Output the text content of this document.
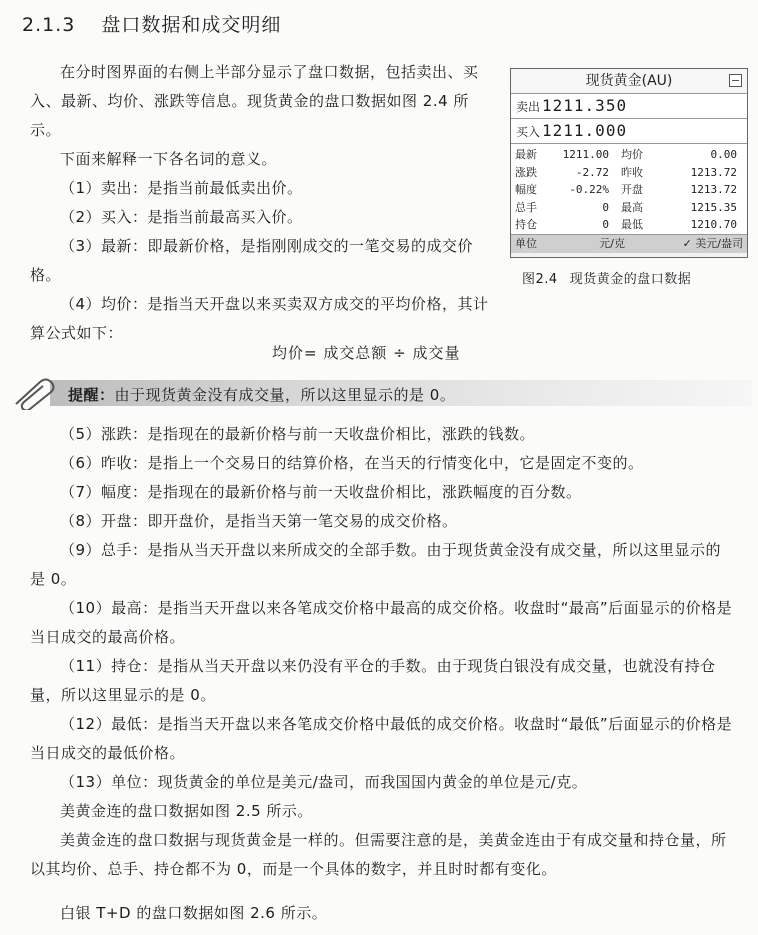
2.1.3 盘口数据和成交明细

在分时图界面的右侧上半部分显示了盘口数据，包括卖出、买入、最新、均价、涨跌等信息。现货黄金的盘口数据如图 2.4 所示。

下面来解释一下各名词的意义。

（1）卖出：是指当前最低卖出价。

（2）买入：是指当前最高买入价。

（3）最新：即最新价格，是指刚刚成交的一笔交易的成交价格。

（4）均价：是指当天开盘以来买卖双方成交的平均价格，其计算公式如下：

均价= 成交总额 ÷ 成交量
提醒：由于现货黄金没有成交量，所以这里显示的是 0。

（5）涨跌：是指现在的最新价格与前一天收盘价相比，涨跌的钱数。

（6）昨收：是指上一个交易日的结算价格，在当天的行情变化中，它是固定不变的。

（7）幅度：是指现在的最新价格与前一天收盘价相比，涨跌幅度的百分数。

（8）开盘：即开盘价，是指当天第一笔交易的成交价格。

（9）总手：是指从当天开盘以来所成交的全部手数。由于现货黄金没有成交量，所以这里显示的是 0。

（10）最高：是指当天开盘以来各笔成交价格中最高的成交价格。收盘时“最高”后面显示的价格是当日成交的最高价格。

（11）持仓：是指从当天开盘以来仍没有平仓的手数。由于现货白银没有成交量，也就没有持仓量，所以这里显示的是 0。

（12）最低：是指当天开盘以来各笔成交价格中最低的成交价格。收盘时“最低”后面显示的价格是当日成交的最低价格。

（13）单位：现货黄金的单位是美元/盎司，而我国国内黄金的单位是元/克。

美黄金连的盘口数据如图 2.5 所示。

美黄金连的盘口数据与现货黄金是一样的。但需要注意的是，美黄金连由于有成交量和持仓量，所以其均价、总手、持仓都不为 0，而是一个具体的数字，并且时时都有变化。

白银 T+D 的盘口数据如图 2.6 所示。

现货黄金(AU)
卖出 1211.350
买入 1211.000
最新	1211.00 均价	0.00
涨跌	-2.72 昨收	1213.72
幅度	-0.22% 开盘	1213.72
总手	0 最高	1215.35
持仓	0 最低	1210.70
单位	元/克	✓ 美元/盎司
图2.4 现货黄金的盘口数据
